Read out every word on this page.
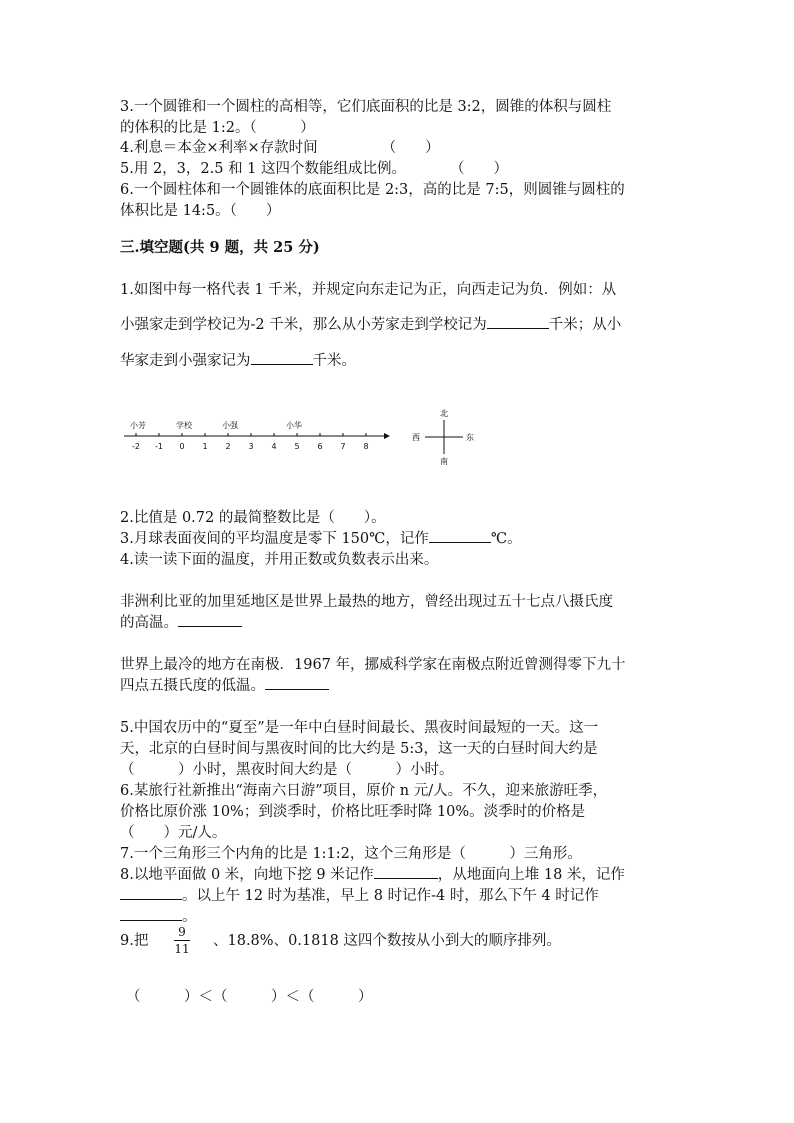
3.一个圆锥和一个圆柱的高相等，它们底面积的比是 3:2，圆锥的体积与圆柱
的体积的比是 1:2。（　　　）
4.利息＝本金×利率×存款时间	（　　）
5.用 2，3，2.5 和 1 这四个数能组成比例。	（　　）
6.一个圆柱体和一个圆锥体的底面积比是 2:3，高的比是 7:5，则圆锥与圆柱的
体积比是 14:5。（　　）
三.填空题(共 9 题，共 25 分)
1.如图中每一格代表 1 千米，并规定向东走记为正，向西走记为负．例如：从
小强家走到学校记为-2 千米，那么从小芳家走到学校记为	千米；从小
华家走到小强家记为	千米。
小芳	学校	小强	小华
-2 -1 0 1 2 3 4 5 6 7 8
北
南
西	东
2.比值是 0.72 的最简整数比是（　　）。
3.月球表面夜间的平均温度是零下 150℃，记作	℃。
4.读一读下面的温度，并用正数或负数表示出来。
非洲利比亚的加里延地区是世界上最热的地方，曾经出现过五十七点八摄氏度
的高温。
世界上最冷的地方在南极．1967 年，挪威科学家在南极点附近曾测得零下九十
四点五摄氏度的低温。
5.中国农历中的“夏至”是一年中白昼时间最长、黑夜时间最短的一天。这一
天，北京的白昼时间与黑夜时间的比大约是 5:3，这一天的白昼时间大约是
（　　　）小时，黑夜时间大约是（　　　）小时。
6.某旅行社新推出“海南六日游”项目，原价 n 元/人。不久，迎来旅游旺季，
价格比原价涨 10%；到淡季时，价格比旺季时降 10%。淡季时的价格是
（　　）元/人。
7.一个三角形三个内角的比是 1:1:2，这个三角形是（　　　）三角形。
8.以地平面做 0 米，向地下挖 9 米记作	，从地面向上堆 18 米，记作
。以上午 12 时为基准，早上 8 时记作-4 时，那么下午 4 时记作
。
9.把
9
11 、18.8%、0.1818 这四个数按从小到大的顺序排列。
（　　　）＜（　　　）＜（　　　）
